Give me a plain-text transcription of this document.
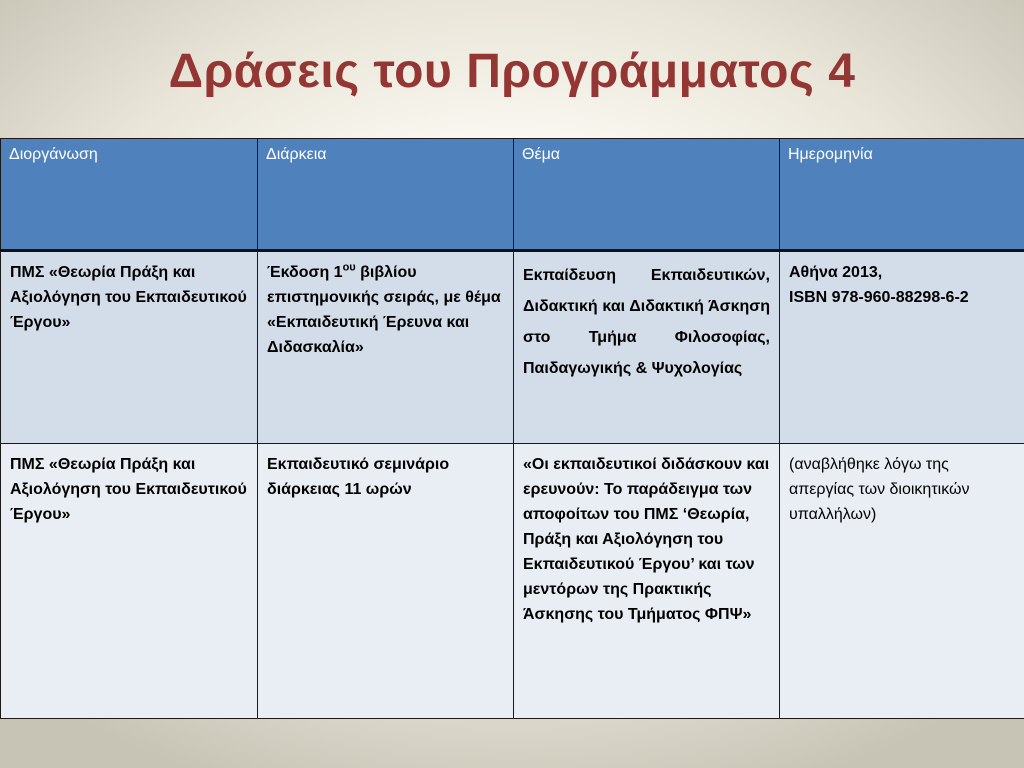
Δράσεις του Προγράμματος 4
Διοργάνωση	Διάρκεια	Θέμα	Ημερομηνία
ΠΜΣ «Θεωρία Πράξη και Αξιολόγηση του Εκπαιδευτικού Έργου»	Έκδοση $1^{o\upsilon}$ βιβλίου επιστημονικής σειράς, με θέμα «Εκπαιδευτική Έρευνα και Διδασκαλία»	Εκπαίδευση Εκπαιδευτικών, Διδακτική και Διδακτική Άσκηση στο Τμήμα Φιλοσοφίας, Παιδαγωγικής & Ψυχολογίας	Αθήνα 2013,
ISBN 978-960-88298-6-2
ΠΜΣ «Θεωρία Πράξη και Αξιολόγηση του Εκπαιδευτικού Έργου»	Εκπαιδευτικό σεμινάριο διάρκειας 11 ωρών	«Οι εκπαιδευτικοί διδάσκουν και ερευνούν: Το παράδειγμα των αποφοίτων του ΠΜΣ ‘Θεωρία, Πράξη και Αξιολόγηση του Εκπαιδευτικού Έργου’ και των μεντόρων της Πρακτικής Άσκησης του Τμήματος ΦΠΨ»	(αναβλήθηκε λόγω της απεργίας των διοικητικών υπαλλήλων)
